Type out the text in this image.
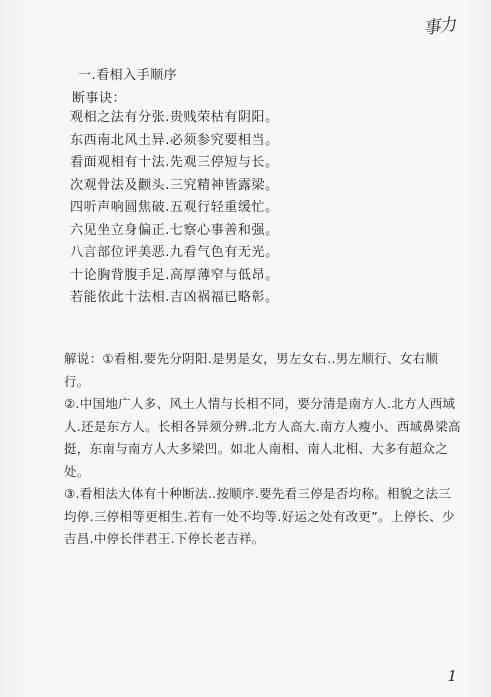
事力
一.看相入手顺序
断事诀：
观相之法有分张.贵贱荣枯有阴阳。
东西南北风土异.必须参究要相当。
看面观相有十法.先观三停短与长。
次观骨法及颧头.三究精神皆露梁。
四听声响圆焦破.五观行轻重缓忙。
六见坐立身偏正.七察心事善和强。
八言部位评美恶.九看气色有无光。
十论胸背腹手足.高厚薄窄与低昂。
若能依此十法相.吉凶祸福已略彰。

解说：①看相.要先分阴阳.是男是女，男左女右..男左顺行、女右顺行。

②.中国地广人多、风土人情与长相不同，要分清是南方人.北方人西域人.还是东方人。长相各异须分辨.北方人高大.南方人瘦小、西域鼻梁高挺，东南与南方人大多梁凹。如北人南相、南人北相、大多有超众之处。

③.看相法大体有十种断法..按顺序.要先看三停是否均称。相貌之法三均停.三停相等更相生.若有一处不均等.好运之处有改更”。上停长、少吉昌.中停长伴君王.下停长老吉祥。

1
